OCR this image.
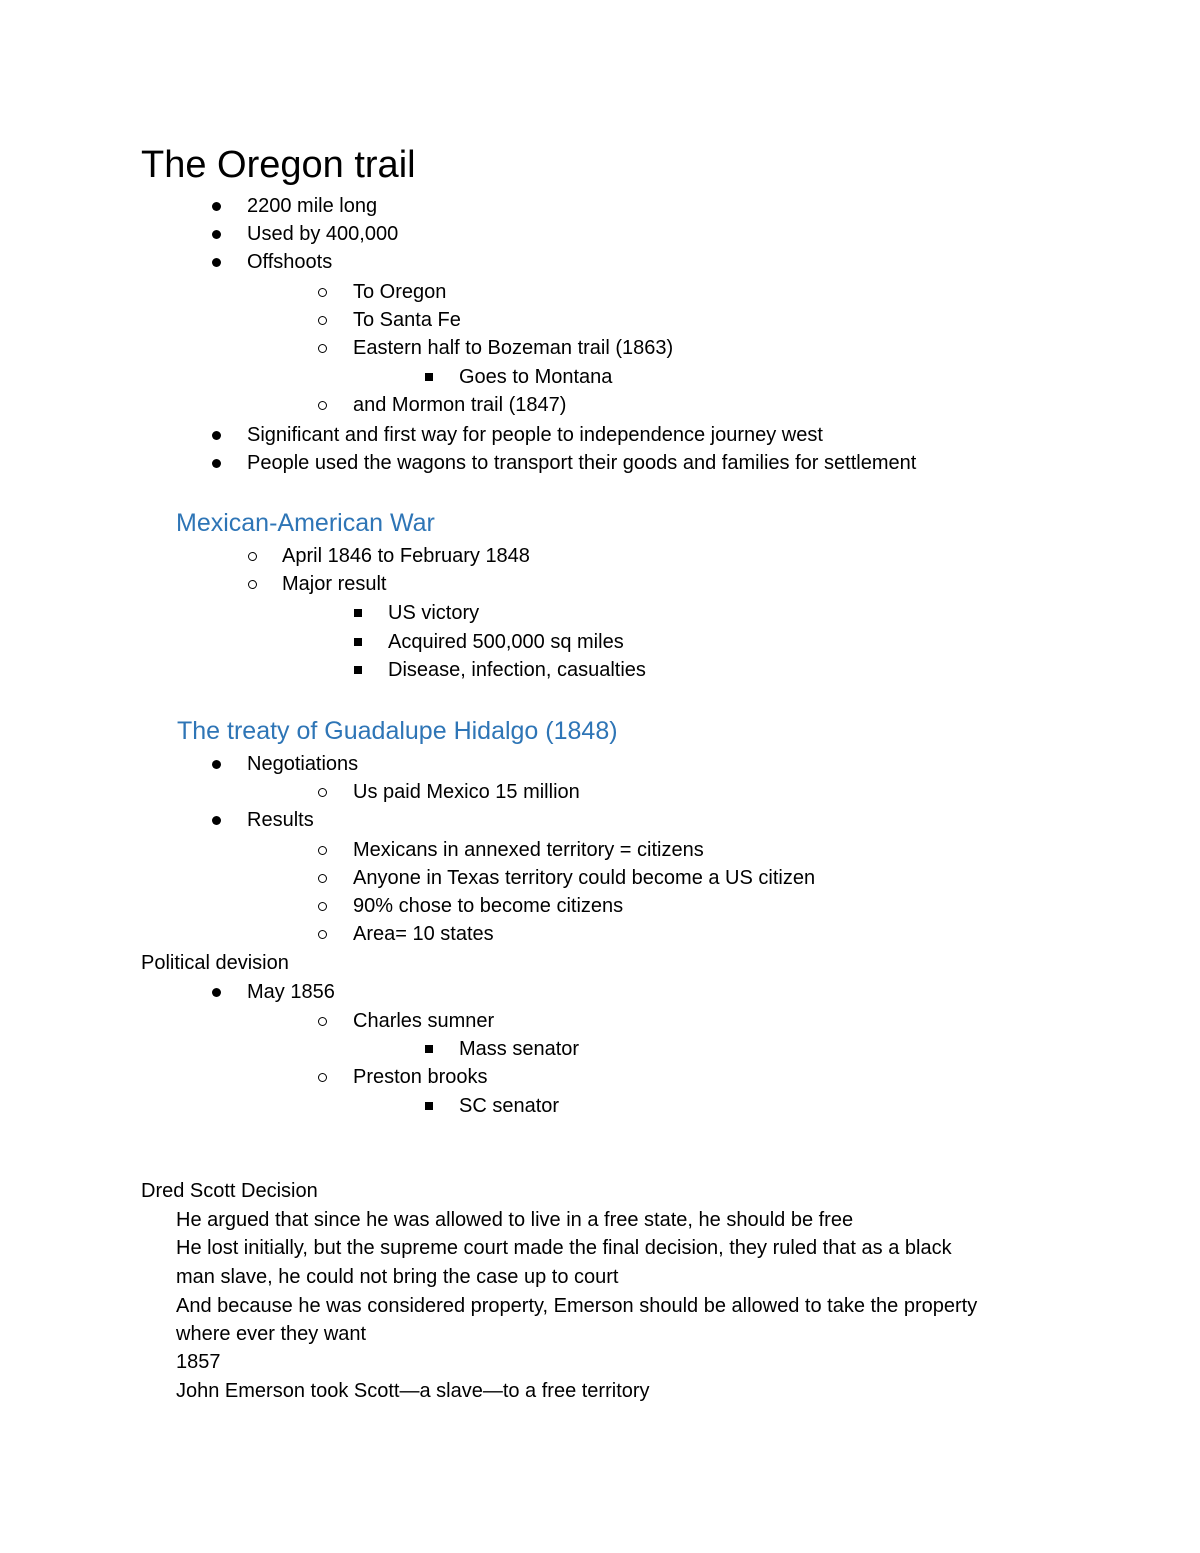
The Oregon trail
2200 mile long
Used by 400,000
Offshoots
To Oregon
To Santa Fe
Eastern half to Bozeman trail (1863)
Goes to Montana
and Mormon trail (1847)
Significant and first way for people to independence journey west
People used the wagons to transport their goods and families for settlement
Mexican-American War
April 1846 to February 1848
Major result
US victory
Acquired 500,000 sq miles
Disease, infection, casualties
The treaty of Guadalupe Hidalgo (1848)
Negotiations
Us paid Mexico 15 million
Results
Mexicans in annexed territory = citizens
Anyone in Texas territory could become a US citizen
90% chose to become citizens
Area= 10 states
Political devision
May 1856
Charles sumner
Mass senator
Preston brooks
SC senator
Dred Scott Decision
He argued that since he was allowed to live in a free state, he should be free
He lost initially, but the supreme court made the final decision, they ruled that as a black
man slave, he could not bring the case up to court
And because he was considered property, Emerson should be allowed to take the property
where ever they want
1857
John Emerson took Scott—a slave—to a free territory
